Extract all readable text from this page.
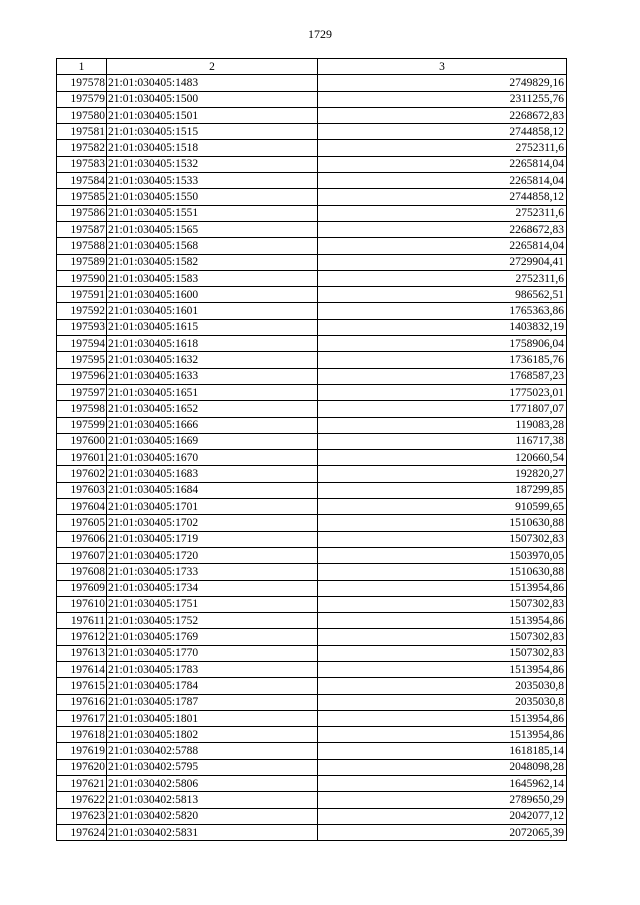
1729
1	2	3
197578	21:01:030405:1483	2749829,16
197579	21:01:030405:1500	2311255,76
197580	21:01:030405:1501	2268672,83
197581	21:01:030405:1515	2744858,12
197582	21:01:030405:1518	2752311,6
197583	21:01:030405:1532	2265814,04
197584	21:01:030405:1533	2265814,04
197585	21:01:030405:1550	2744858,12
197586	21:01:030405:1551	2752311,6
197587	21:01:030405:1565	2268672,83
197588	21:01:030405:1568	2265814,04
197589	21:01:030405:1582	2729904,41
197590	21:01:030405:1583	2752311,6
197591	21:01:030405:1600	986562,51
197592	21:01:030405:1601	1765363,86
197593	21:01:030405:1615	1403832,19
197594	21:01:030405:1618	1758906,04
197595	21:01:030405:1632	1736185,76
197596	21:01:030405:1633	1768587,23
197597	21:01:030405:1651	1775023,01
197598	21:01:030405:1652	1771807,07
197599	21:01:030405:1666	119083,28
197600	21:01:030405:1669	116717,38
197601	21:01:030405:1670	120660,54
197602	21:01:030405:1683	192820,27
197603	21:01:030405:1684	187299,85
197604	21:01:030405:1701	910599,65
197605	21:01:030405:1702	1510630,88
197606	21:01:030405:1719	1507302,83
197607	21:01:030405:1720	1503970,05
197608	21:01:030405:1733	1510630,88
197609	21:01:030405:1734	1513954,86
197610	21:01:030405:1751	1507302,83
197611	21:01:030405:1752	1513954,86
197612	21:01:030405:1769	1507302,83
197613	21:01:030405:1770	1507302,83
197614	21:01:030405:1783	1513954,86
197615	21:01:030405:1784	2035030,8
197616	21:01:030405:1787	2035030,8
197617	21:01:030405:1801	1513954,86
197618	21:01:030405:1802	1513954,86
197619	21:01:030402:5788	1618185,14
197620	21:01:030402:5795	2048098,28
197621	21:01:030402:5806	1645962,14
197622	21:01:030402:5813	2789650,29
197623	21:01:030402:5820	2042077,12
197624	21:01:030402:5831	2072065,39
